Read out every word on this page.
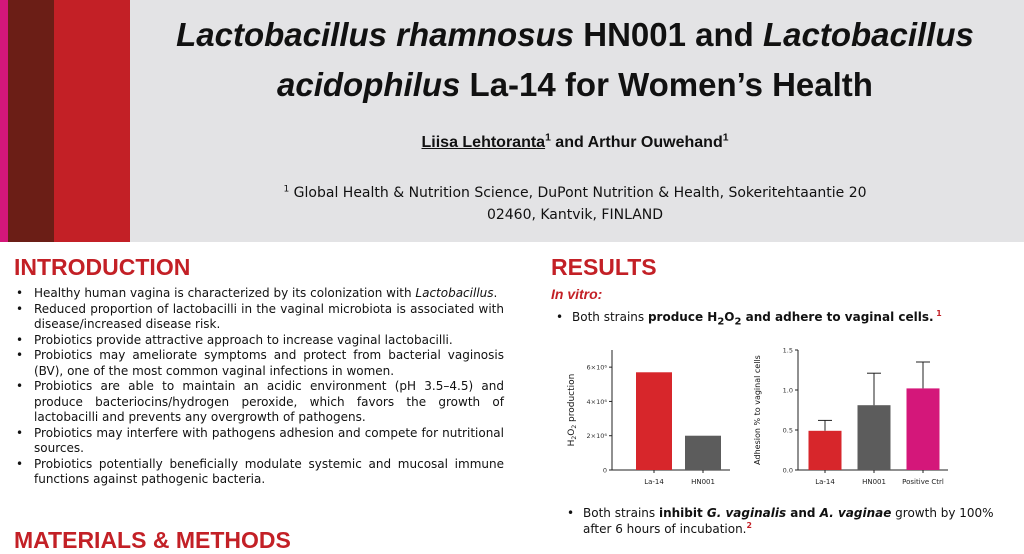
Lactobacillus rhamnosus HN001 and Lactobacillus
acidophilus La-14 for Women’s Health
Liisa Lehtoranta$^1$ and Arthur Ouwehand$^1$
$^1$ Global Health & Nutrition Science, DuPont Nutrition & Health, Sokeritehtaantie 20
02460, Kantvik, FINLAND
INTRODUCTION
• Healthy human vagina is characterized by its colonization with Lactobacillus.
• Reduced proportion of lactobacilli in the vaginal microbiota is associated with disease/increased disease risk.
• Probiotics provide attractive approach to increase vaginal lactobacilli.
• Probiotics may ameliorate symptoms and protect from bacterial vaginosis (BV), one of the most common vaginal infections in women.
• Probiotics are able to maintain an acidic environment (pH 3.5–4.5) and produce bacteriocins/hydrogen peroxide, which favors the growth of lactobacilli and prevents any overgrowth of pathogens.
• Probiotics may interfere with pathogens adhesion and compete for nutritional sources.
• Probiotics potentially beneficially modulate systemic and mucosal immune functions against pathogenic bacteria.
MATERIALS & METHODS
RESULTS
In vitro:
• Both strains produce $H_2O_2$ and adhere to vaginal cells. $^1$
0
2×10⁶
4×10⁶
6×10⁶
La-14	HN001
$H_2O_2$ production
0.0
0.5
1.0
1.5
La-14	HN001 Positive Ctrl
Adhesion % to vaginal cells
• Both strains inhibit G. vaginalis and A. vaginae growth by 100%
after 6 hours of incubation.$^2$
